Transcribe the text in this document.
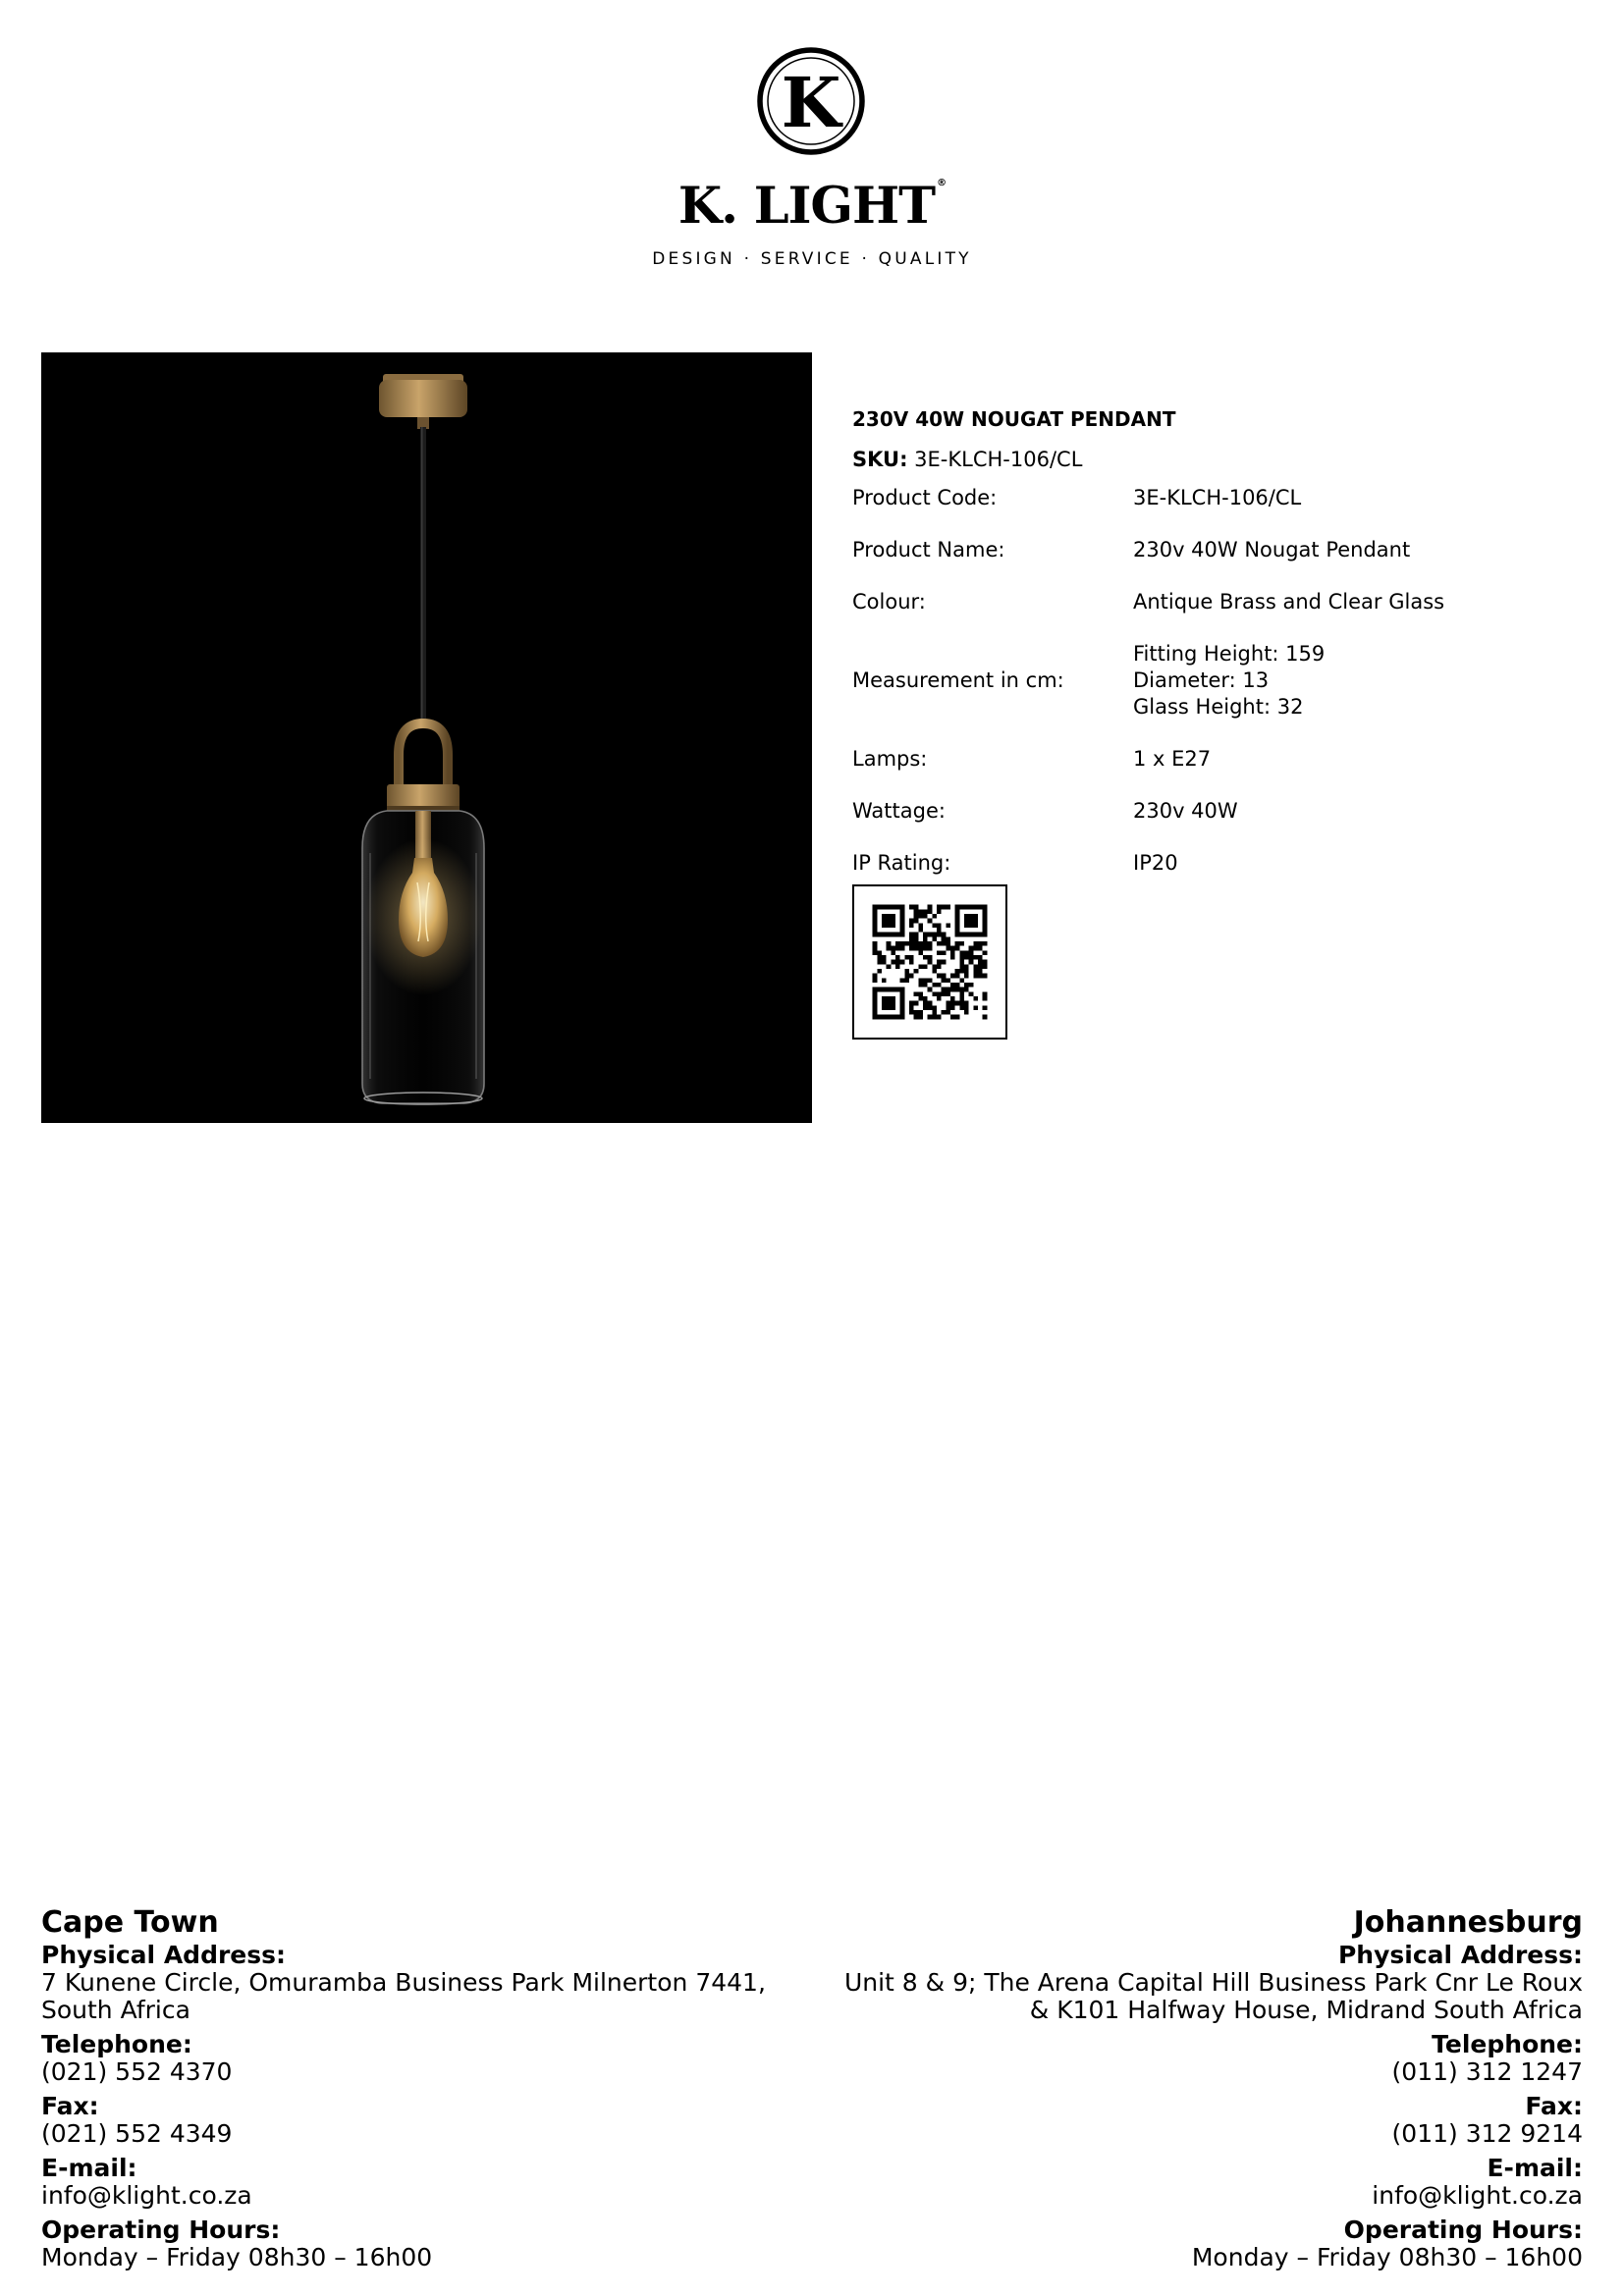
K
K. LIGHT ®
DESIGN · SERVICE · QUALITY
230V 40W NOUGAT PENDANT
SKU: 3E-KLCH-106/CL
Product Code:	3E-KLCH-106/CL
Product Name:	230v 40W Nougat Pendant
Colour:	Antique Brass and Clear Glass
Measurement in cm:	Fitting Height: 159
Diameter: 13
Glass Height: 32

Lamps:	1 x E27
Wattage:	230v 40W
IP Rating:	IP20
Cape Town
Physical Address:
7 Kunene Circle, Omuramba Business Park Milnerton 7441,
South Africa
Telephone:
(021) 552 4370
Fax:
(021) 552 4349
E-mail:
info@klight.co.za
Operating Hours:
Monday – Friday 08h30 – 16h00
Johannesburg
Physical Address:
Unit 8 & 9; The Arena Capital Hill Business Park Cnr Le Roux
& K101 Halfway House, Midrand South Africa
Telephone:
(011) 312 1247
Fax:
(011) 312 9214
E-mail:
info@klight.co.za
Operating Hours:
Monday – Friday 08h30 – 16h00
